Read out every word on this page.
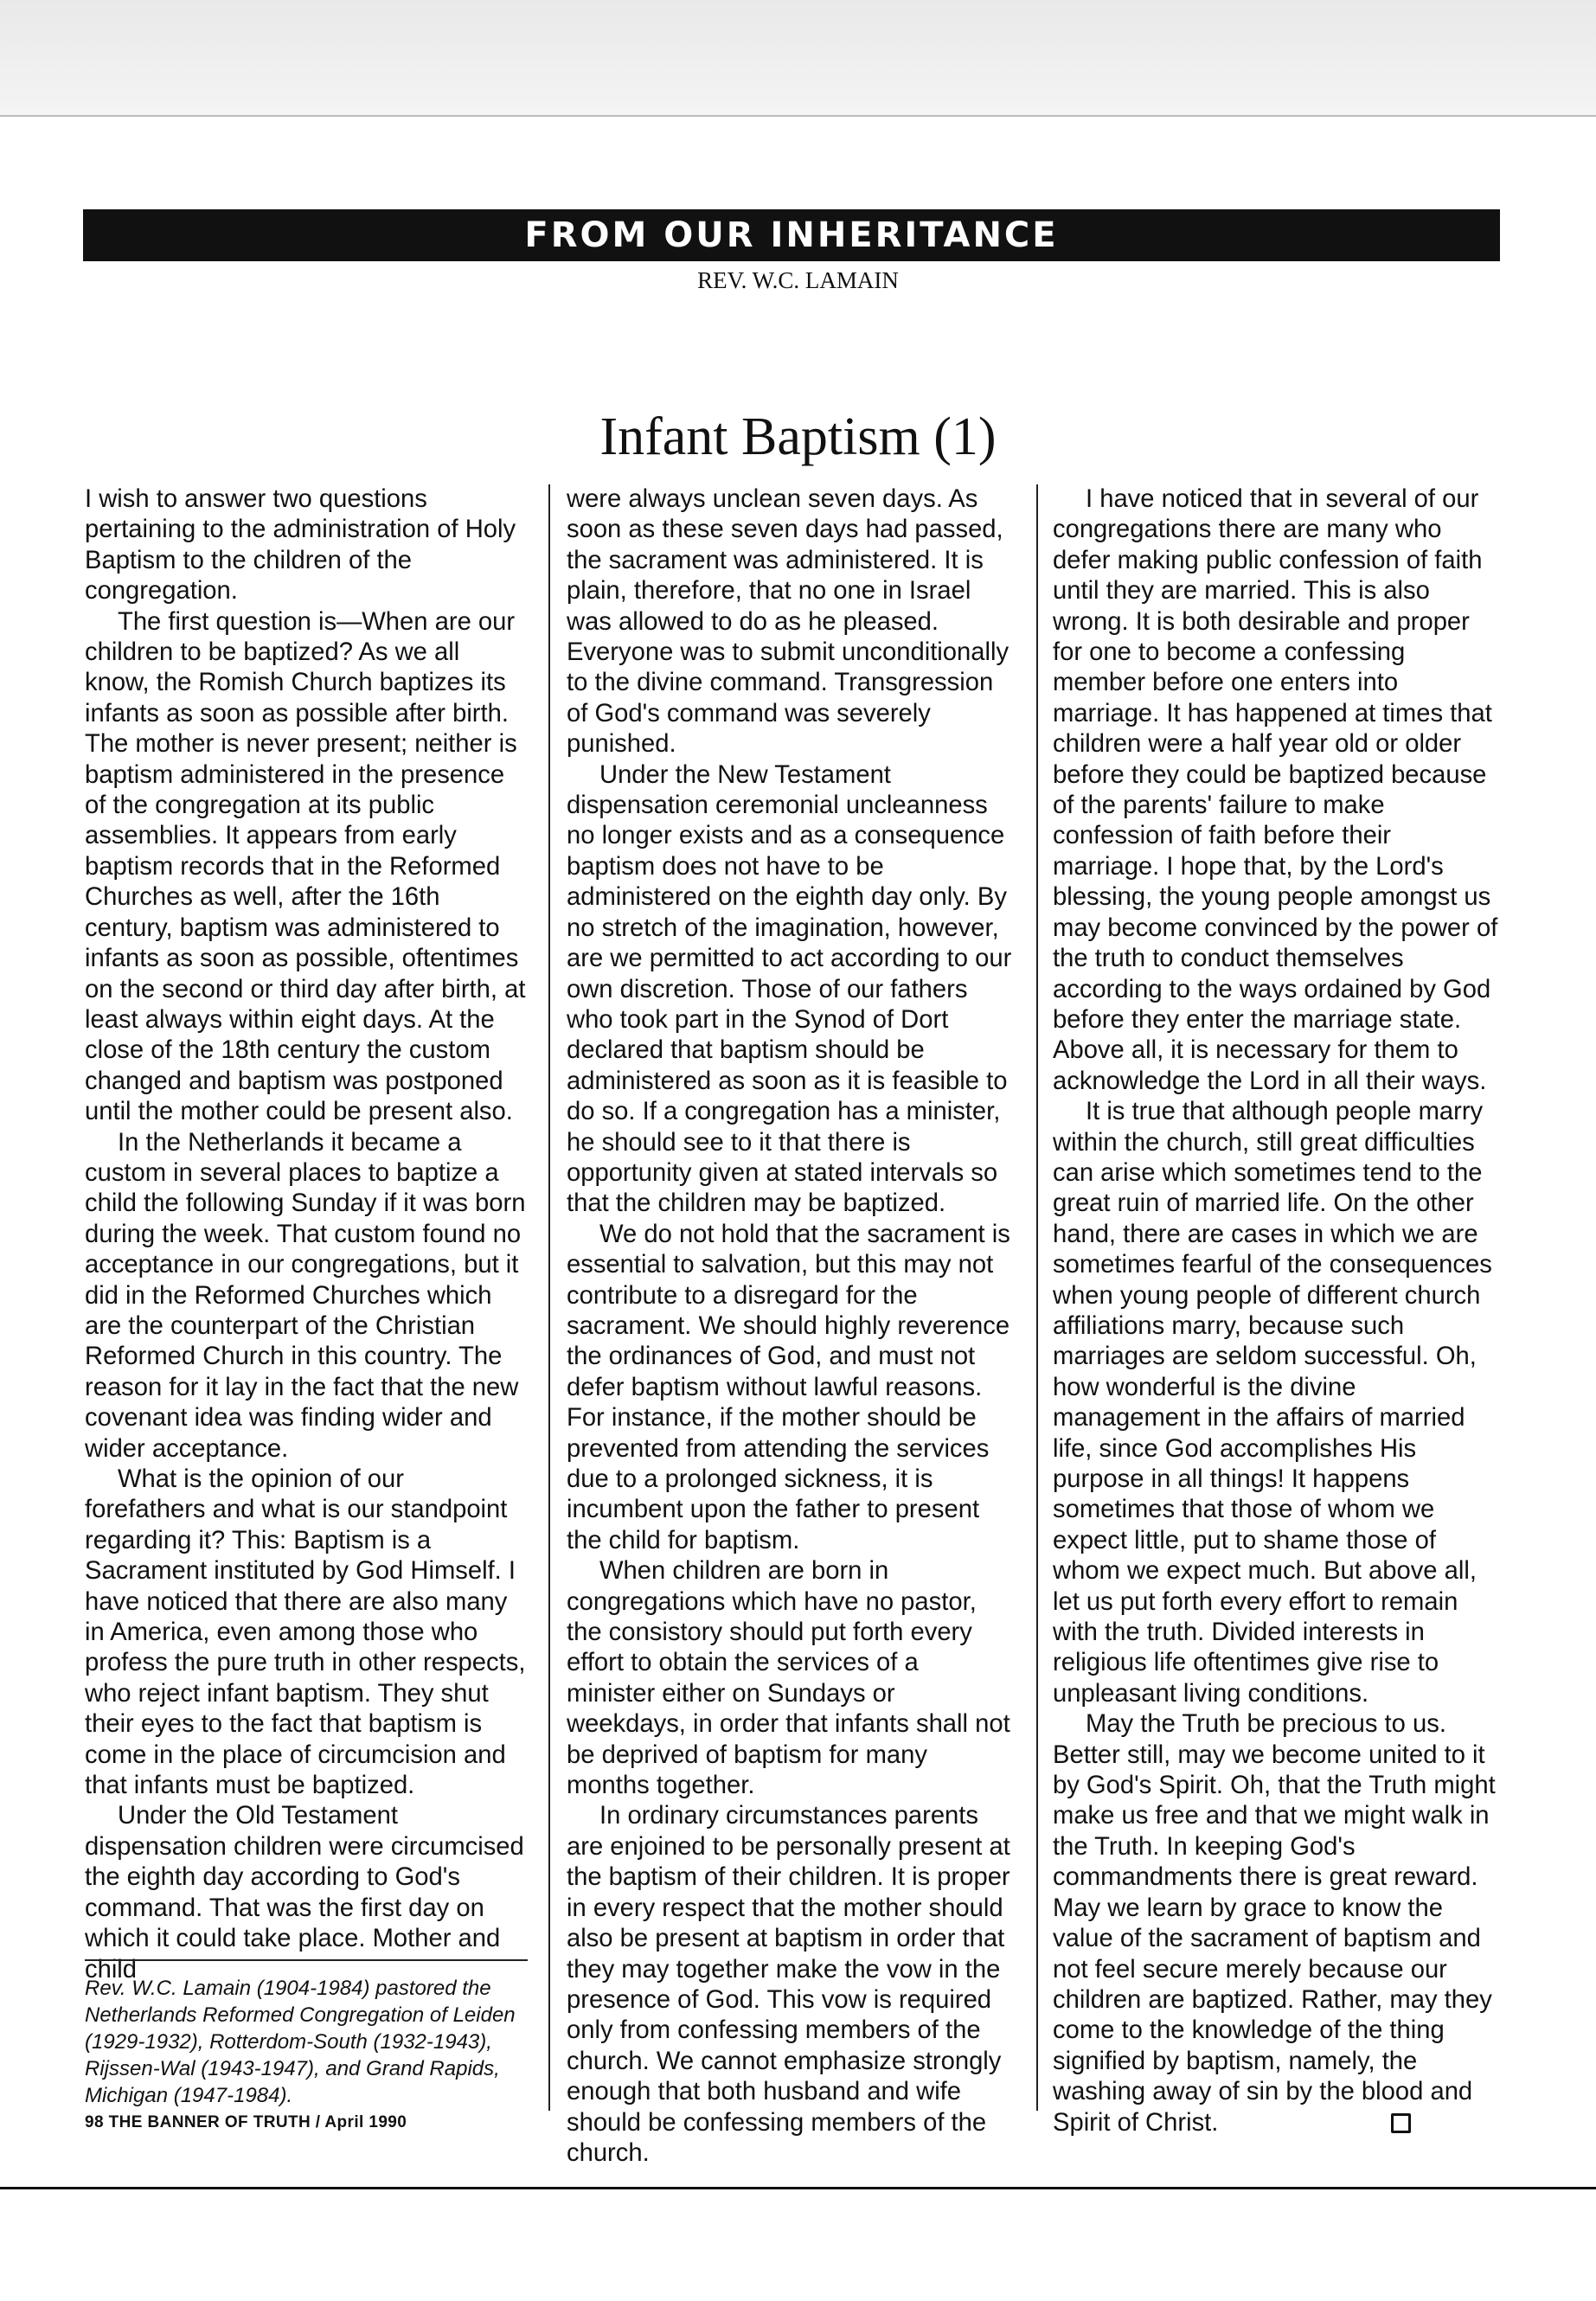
FROM OUR INHERITANCE
REV. W.C. LAMAIN
Infant Baptism (1)

I wish to answer two questions pertaining to the administration of Holy Baptism to the children of the congregation.

The first question is—When are our children to be baptized? As we all know, the Romish Church baptizes its infants as soon as possible after birth. The mother is never present; neither is baptism administered in the presence of the congregation at its public assemblies. It appears from early baptism records that in the Reformed Churches as well, after the 16th century, baptism was administered to infants as soon as possible, oftentimes on the second or third day after birth, at least always within eight days. At the close of the 18th century the custom changed and baptism was postponed until the mother could be present also.

In the Netherlands it became a custom in several places to baptize a child the following Sunday if it was born during the week. That custom found no acceptance in our congregations, but it did in the Reformed Churches which are the counterpart of the Christian Reformed Church in this country. The reason for it lay in the fact that the new covenant idea was finding wider and wider acceptance.

What is the opinion of our forefathers and what is our standpoint regarding it? This: Baptism is a Sacrament instituted by God Himself. I have noticed that there are also many in America, even among those who profess the pure truth in other respects, who reject infant baptism. They shut their eyes to the fact that baptism is come in the place of circumcision and that infants must be baptized.

Under the Old Testament dispensation children were circumcised the eighth day according to God's command. That was the first day on which it could take place. Mother and child

were always unclean seven days. As soon as these seven days had passed, the sacrament was administered. It is plain, therefore, that no one in Israel was allowed to do as he pleased. Everyone was to submit unconditionally to the divine command. Transgression of God's command was severely punished.

Under the New Testament dispensation ceremonial uncleanness no longer exists and as a consequence baptism does not have to be administered on the eighth day only. By no stretch of the imagination, however, are we permitted to act according to our own discretion. Those of our fathers who took part in the Synod of Dort declared that baptism should be administered as soon as it is feasible to do so. If a congregation has a minister, he should see to it that there is opportunity given at stated intervals so that the children may be baptized.

We do not hold that the sacrament is essential to salvation, but this may not contribute to a disregard for the sacrament. We should highly reverence the ordinances of God, and must not defer baptism without lawful reasons. For instance, if the mother should be prevented from attending the services due to a prolonged sickness, it is incumbent upon the father to present the child for baptism.

When children are born in congregations which have no pastor, the consistory should put forth every effort to obtain the services of a minister either on Sundays or weekdays, in order that infants shall not be deprived of baptism for many months together.

In ordinary circumstances parents are enjoined to be personally present at the baptism of their children. It is proper in every respect that the mother should also be present at baptism in order that they may together make the vow in the presence of God. This vow is required only from confessing members of the church. We cannot emphasize strongly enough that both husband and wife should be confessing members of the church.

I have noticed that in several of our congregations there are many who defer making public confession of faith until they are married. This is also wrong. It is both desirable and proper for one to become a confessing member before one enters into marriage. It has happened at times that children were a half year old or older before they could be baptized because of the parents' failure to make confession of faith before their marriage. I hope that, by the Lord's blessing, the young people amongst us may become convinced by the power of the truth to conduct themselves according to the ways ordained by God before they enter the marriage state. Above all, it is necessary for them to acknowledge the Lord in all their ways.

It is true that although people marry within the church, still great difficulties can arise which sometimes tend to the great ruin of married life. On the other hand, there are cases in which we are sometimes fearful of the consequences when young people of different church affiliations marry, because such marriages are seldom successful. Oh, how wonderful is the divine management in the affairs of married life, since God accomplishes His purpose in all things! It happens sometimes that those of whom we expect little, put to shame those of whom we expect much. But above all, let us put forth every effort to remain with the truth. Divided interests in religious life oftentimes give rise to unpleasant living conditions.

May the Truth be precious to us. Better still, may we become united to it by God's Spirit. Oh, that the Truth might make us free and that we might walk in the Truth. In keeping God's commandments there is great reward. May we learn by grace to know the value of the sacrament of baptism and not feel secure merely because our children are baptized. Rather, may they come to the knowledge of the thing signified by baptism, namely, the washing away of sin by the blood and Spirit of Christ.

Rev. W.C. Lamain (1904-1984) pastored the Netherlands Reformed Congregation of Leiden (1929-1932), Rotterdom-South (1932-1943), Rijssen-Wal (1943-1947), and Grand Rapids, Michigan (1947-1984).
98 THE BANNER OF TRUTH / April 1990
